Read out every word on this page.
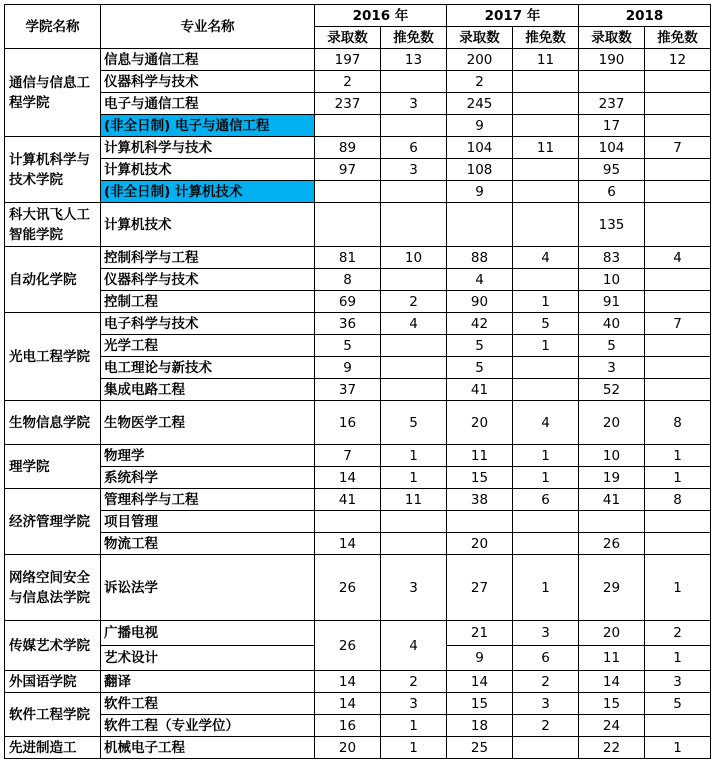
学院名称	专业名称	2016 年		2017 年		2018	
		录取数	推免数	录取数	推免数	录取数	推免数
通信与信息工程学院	信息与通信工程	197	13	200	11	190	12
	仪器科学与技术	2		2			
	电子与通信工程	237	3	245		237	
	(非全日制) 电子与通信工程			9		17	
计算机科学与技术学院	计算机科学与技术	89	6	104	11	104	7
	计算机技术	97	3	108		95	
	(非全日制) 计算机技术			9		6	
科大讯飞人工智能学院	计算机技术					135	
自动化学院	控制科学与工程	81	10	88	4	83	4
	仪器科学与技术	8		4		10	
	控制工程	69	2	90	1	91	
光电工程学院	电子科学与技术	36	4	42	5	40	7
	光学工程	5		5	1	5	
	电工理论与新技术	9		5		3	
	集成电路工程	37		41		52	
生物信息学院	生物医学工程	16	5	20	4	20	8
理学院	物理学	7	1	11	1	10	1
	系统科学	14	1	15	1	19	1
经济管理学院	管理科学与工程	41	11	38	6	41	8
	项目管理						
	物流工程	14		20		26	
网络空间安全与信息法学院	诉讼法学	26	3	27	1	29	1
传媒艺术学院	广播电视	26	4	21	3	20	2
	艺术设计			9	6	11	1
外国语学院	翻译	14	2	14	2	14	3
软件工程学院	软件工程	14	3	15	3	15	5
	软件工程（专业学位）	16	1	18	2	24	
先进制造工	机械电子工程	20	1	25		22	1
